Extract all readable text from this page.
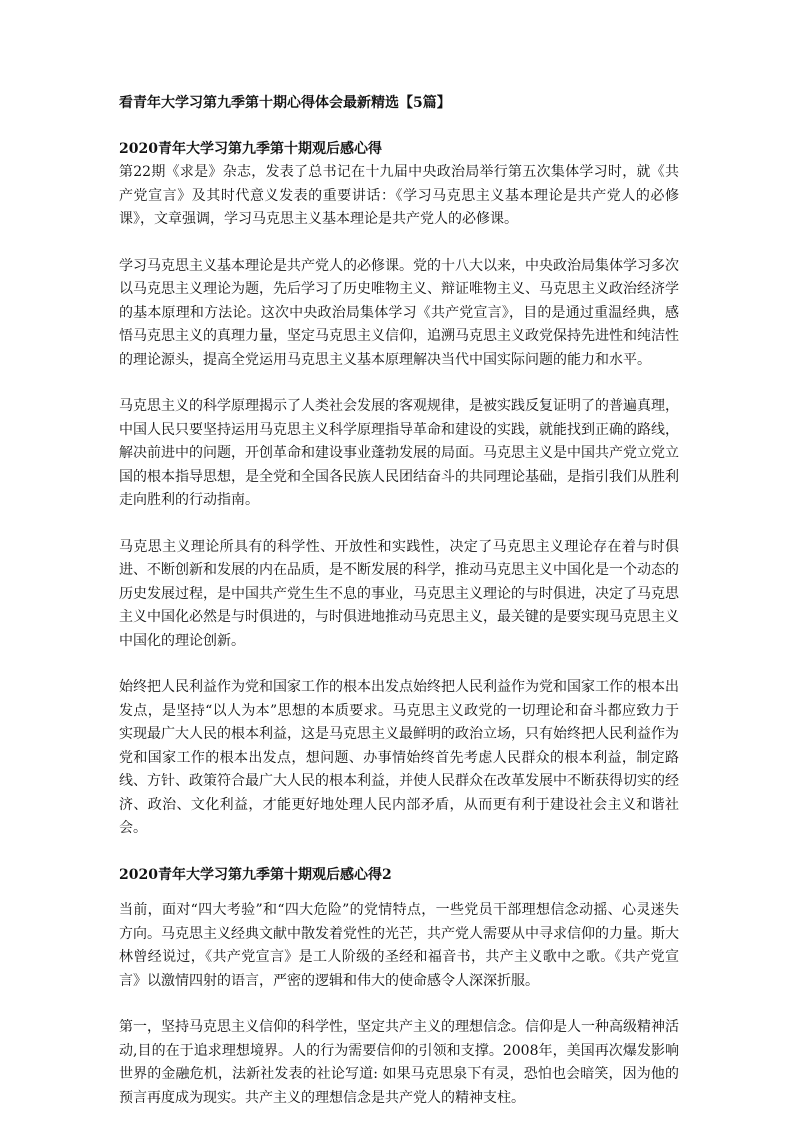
看青年大学习第九季第十期心得体会最新精选【5篇】
2020青年大学习第九季第十期观后感心得
第22期《求是》杂志，发表了总书记在十九届中央政治局举行第五次集体学习时，就《共产党宣言》及其时代意义发表的重要讲话：《学习马克思主义基本理论是共产党人的必修课》，文章强调，学习马克思主义基本理论是共产党人的必修课。
学习马克思主义基本理论是共产党人的必修课。党的十八大以来，中央政治局集体学习多次以马克思主义理论为题，先后学习了历史唯物主义、辩证唯物主义、马克思主义政治经济学的基本原理和方法论。这次中央政治局集体学习《共产党宣言》，目的是通过重温经典，感悟马克思主义的真理力量，坚定马克思主义信仰，追溯马克思主义政党保持先进性和纯洁性的理论源头，提高全党运用马克思主义基本原理解决当代中国实际问题的能力和水平。
马克思主义的科学原理揭示了人类社会发展的客观规律，是被实践反复证明了的普遍真理，中国人民只要坚持运用马克思主义科学原理指导革命和建设的实践，就能找到正确的路线，解决前进中的问题，开创革命和建设事业蓬勃发展的局面。马克思主义是中国共产党立党立国的根本指导思想，是全党和全国各民族人民团结奋斗的共同理论基础，是指引我们从胜利走向胜利的行动指南。
马克思主义理论所具有的科学性、开放性和实践性，决定了马克思主义理论存在着与时俱进、不断创新和发展的内在品质，是不断发展的科学，推动马克思主义中国化是一个动态的历史发展过程，是中国共产党生生不息的事业，马克思主义理论的与时俱进，决定了马克思主义中国化必然是与时俱进的，与时俱进地推动马克思主义，最关键的是要实现马克思主义中国化的理论创新。
始终把人民利益作为党和国家工作的根本出发点始终把人民利益作为党和国家工作的根本出发点，是坚持“以人为本”思想的本质要求。马克思主义政党的一切理论和奋斗都应致力于实现最广大人民的根本利益，这是马克思主义最鲜明的政治立场，只有始终把人民利益作为党和国家工作的根本出发点，想问题、办事情始终首先考虑人民群众的根本利益，制定路线、方针、政策符合最广大人民的根本利益，并使人民群众在改革发展中不断获得切实的经济、政治、文化利益，才能更好地处理人民内部矛盾，从而更有利于建设社会主义和谐社会。
2020青年大学习第九季第十期观后感心得2
当前，面对“四大考验”和“四大危险”的党情特点，一些党员干部理想信念动摇、心灵迷失方向。马克思主义经典文献中散发着党性的光芒，共产党人需要从中寻求信仰的力量。斯大林曾经说过，《共产党宣言》是工人阶级的圣经和福音书，共产主义歌中之歌。《共产党宣言》以激情四射的语言，严密的逻辑和伟大的使命感令人深深折服。
第一，坚持马克思主义信仰的科学性，坚定共产主义的理想信念。信仰是人一种高级精神活动,目的在于追求理想境界。人的行为需要信仰的引领和支撑。2008年，美国再次爆发影响世界的金融危机，法新社发表的社论写道: 如果马克思泉下有灵，恐怕也会暗笑，因为他的预言再度成为现实。共产主义的理想信念是共产党人的精神支柱。
